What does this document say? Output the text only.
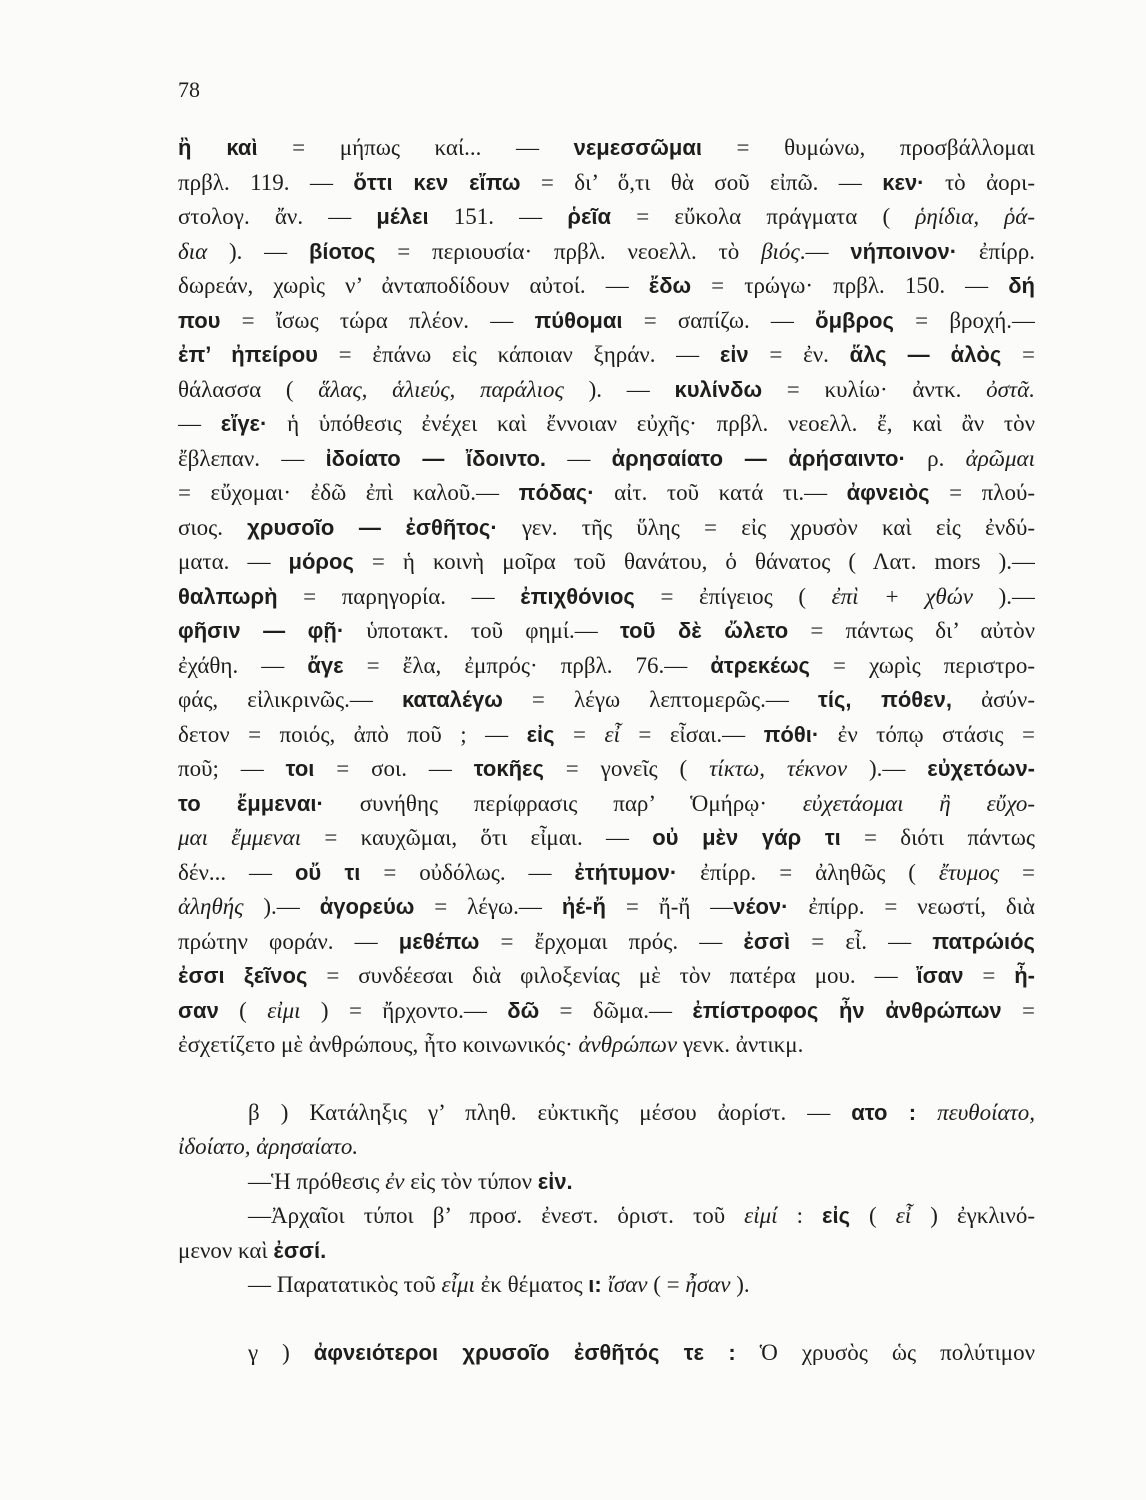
78
ἢ καὶ = μήπως καί... — νεμεσσῶμαι = θυμώνω, προσβάλλομαι
πρβλ. 119. — ὅττι κεν εἴπω = δι’ ὅ,τι θὰ σοῦ εἰπῶ. — κεν· τὸ ἀορι-
στολογ. ἄν. — μέλει 151. — ῥεῖα = εὔκολα πράγματα ( ῥηίδια, ῥά-
δια ). — βίοτος = περιουσία· πρβλ. νεοελλ. τὸ βιός.— νήποινον· ἐπίρρ.
δωρεάν, χωρὶς ν’ ἀνταποδίδουν αὐτοί. — ἔδω = τρώγω· πρβλ. 150. — δή
που = ἴσως τώρα πλέον. — πύθομαι = σαπίζω. — ὄμβρος = βροχή.—
ἐπ’ ἠπείρου = ἐπάνω εἰς κάποιαν ξηράν. — εἰν = ἐν. ἅλς — ἁλὸς =
θάλασσα ( ἅλας, ἁλιεύς, παράλιος ). — κυλίνδω = κυλίω· ἀντκ. ὀστᾶ.
— εἴγε· ἡ ὑπόθεσις ἐνέχει καὶ ἔννοιαν εὐχῆς· πρβλ. νεοελλ. ἔ, καὶ ἂν τὸν
ἔβλεπαν. — ἰδοίατο — ἴδοιντο. — ἀρησαίατο — ἀρήσαιντο· ρ. ἀρῶμαι
= εὔχομαι· ἐδῶ ἐπὶ καλοῦ.— πόδας· αἰτ. τοῦ κατά τι.— ἀφνειὸς = πλού-
σιος. χρυσοῖο — ἐσθῆτος· γεν. τῆς ὕλης = εἰς χρυσὸν καὶ εἰς ἐνδύ-
ματα. — μόρος = ἡ κοινὴ μοῖρα τοῦ θανάτου, ὁ θάνατος ( Λατ. mors ).—
θαλπωρὴ = παρηγορία. — ἐπιχθόνιος = ἐπίγειος ( ἐπὶ + χθών ).—
φῆσιν — φῇ· ὑποτακτ. τοῦ φημί.— τοῦ δὲ ὤλετο = πάντως δι’ αὐτὸν
ἐχάθη. — ἄγε = ἔλα, ἐμπρός· πρβλ. 76.— ἀτρεκέως = χωρὶς περιστρο-
φάς, εἰλικρινῶς.— καταλέγω = λέγω λεπτομερῶς.— τίς, πόθεν, ἀσύν-
δετον = ποιός, ἀπὸ ποῦ ; — εἰς = εἶ = εἶσαι.— πόθι· ἐν τόπῳ στάσις =
ποῦ; — τοι = σοι. — τοκῆες = γονεῖς ( τίκτω, τέκνον ).— εὐχετόων-
το ἔμμεναι· συνήθης περίφρασις παρ’ Ὁμήρῳ· εὐχετάομαι ἢ εὔχο-
μαι ἔμμεναι = καυχῶμαι, ὅτι εἶμαι. — οὐ μὲν γάρ τι = διότι πάντως
δέν... — οὔ τι = οὐδόλως. — ἐτήτυμον· ἐπίρρ. = ἀληθῶς ( ἔτυμος =
ἀληθής ).— ἀγορεύω = λέγω.— ἠέ-ἤ = ἤ-ἤ —νέον· ἐπίρρ. = νεωστί, διὰ
πρώτην φοράν. — μεθέπω = ἔρχομαι πρός. — ἐσσὶ = εἶ. — πατρώιός
ἐσσι ξεῖνος = συνδέεσαι διὰ φιλοξενίας μὲ τὸν πατέρα μου. — ἴσαν = ἦ-
σαν ( εἰμι ) = ἤρχοντο.— δῶ = δῶμα.— ἐπίστροφος ἦν ἀνθρώπων =
ἐσχετίζετο μὲ ἀνθρώπους, ἦτο κοινωνικός· ἀνθρώπων γενκ. ἀντικμ.
β ) Κατάληξις γ’ πληθ. εὐκτικῆς μέσου ἀορίστ. — ατο : πευθοίατο,
ἰδοίατο, ἀρησαίατο.
—Ἡ πρόθεσις ἐν εἰς τὸν τύπον εἰν.
—Ἀρχαῖοι τύποι β’ προσ. ἐνεστ. ὁριστ. τοῦ εἰμί : εἰς ( εἶ ) ἐγκλινό-
μενον καὶ ἐσσί.
— Παρατατικὸς τοῦ εἶμι ἐκ θέματος ι: ἴσαν ( = ἦσαν ).
γ ) ἀφνειότεροι χρυσοῖο ἐσθῆτός τε : Ὁ χρυσὸς ὡς πολύτιμον
